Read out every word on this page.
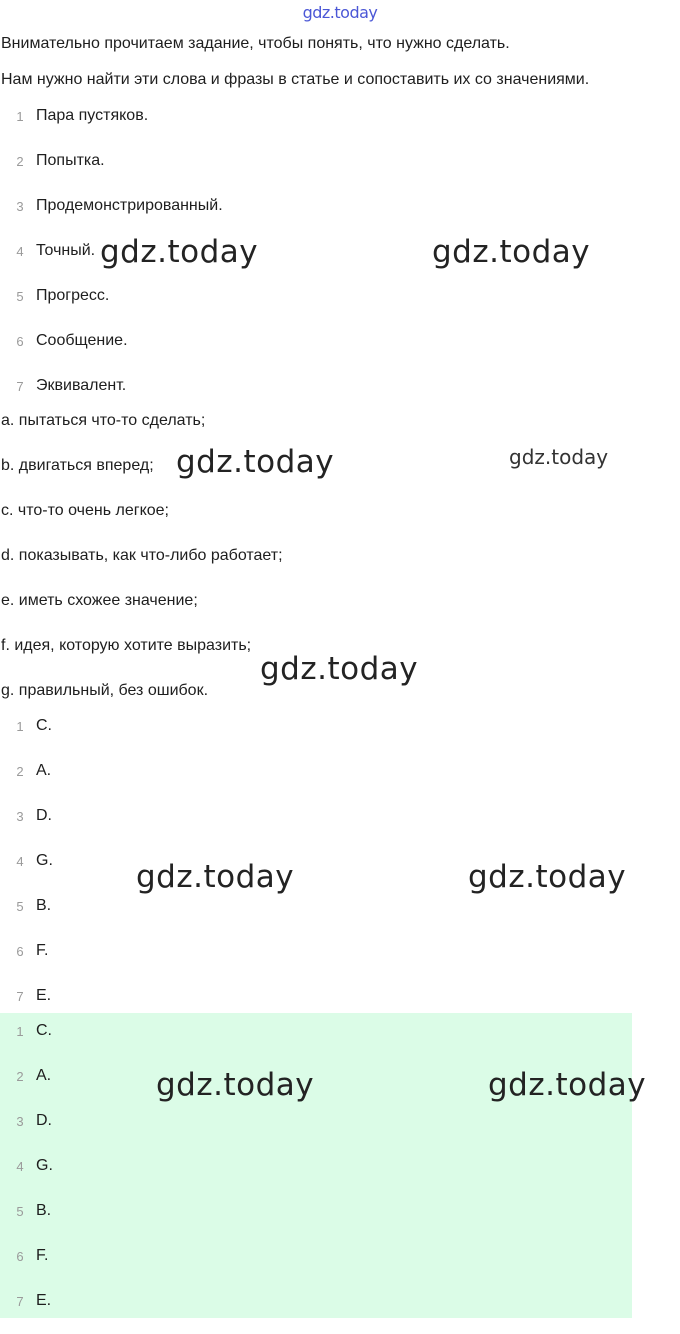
gdz.today
Внимательно прочитаем задание, чтобы понять, что нужно сделать.
Нам нужно найти эти слова и фразы в статье и сопоставить их со значениями.
1 Пара пустяков.
2 Попытка.
3 Продемонстрированный.
4 Точный.
5 Прогресс.
6 Сообщение.
7 Эквивалент.
a. пытаться что-то сделать;
b. двигаться вперед;
c. что-то очень легкое;
d. показывать, как что-либо работает;
e. иметь схожее значение;
f. идея, которую хотите выразить;
g. правильный, без ошибок.
1 C.
2 A.
3 D.
4 G.
5 B.
6 F.
7 E.
1 C.
2 A.
3 D.
4 G.
5 B.
6 F.
7 E.
gdz.today	gdz.today
gdz.today	gdz.today
gdz.today
gdz.today	gdz.today
gdz.today	gdz.today
